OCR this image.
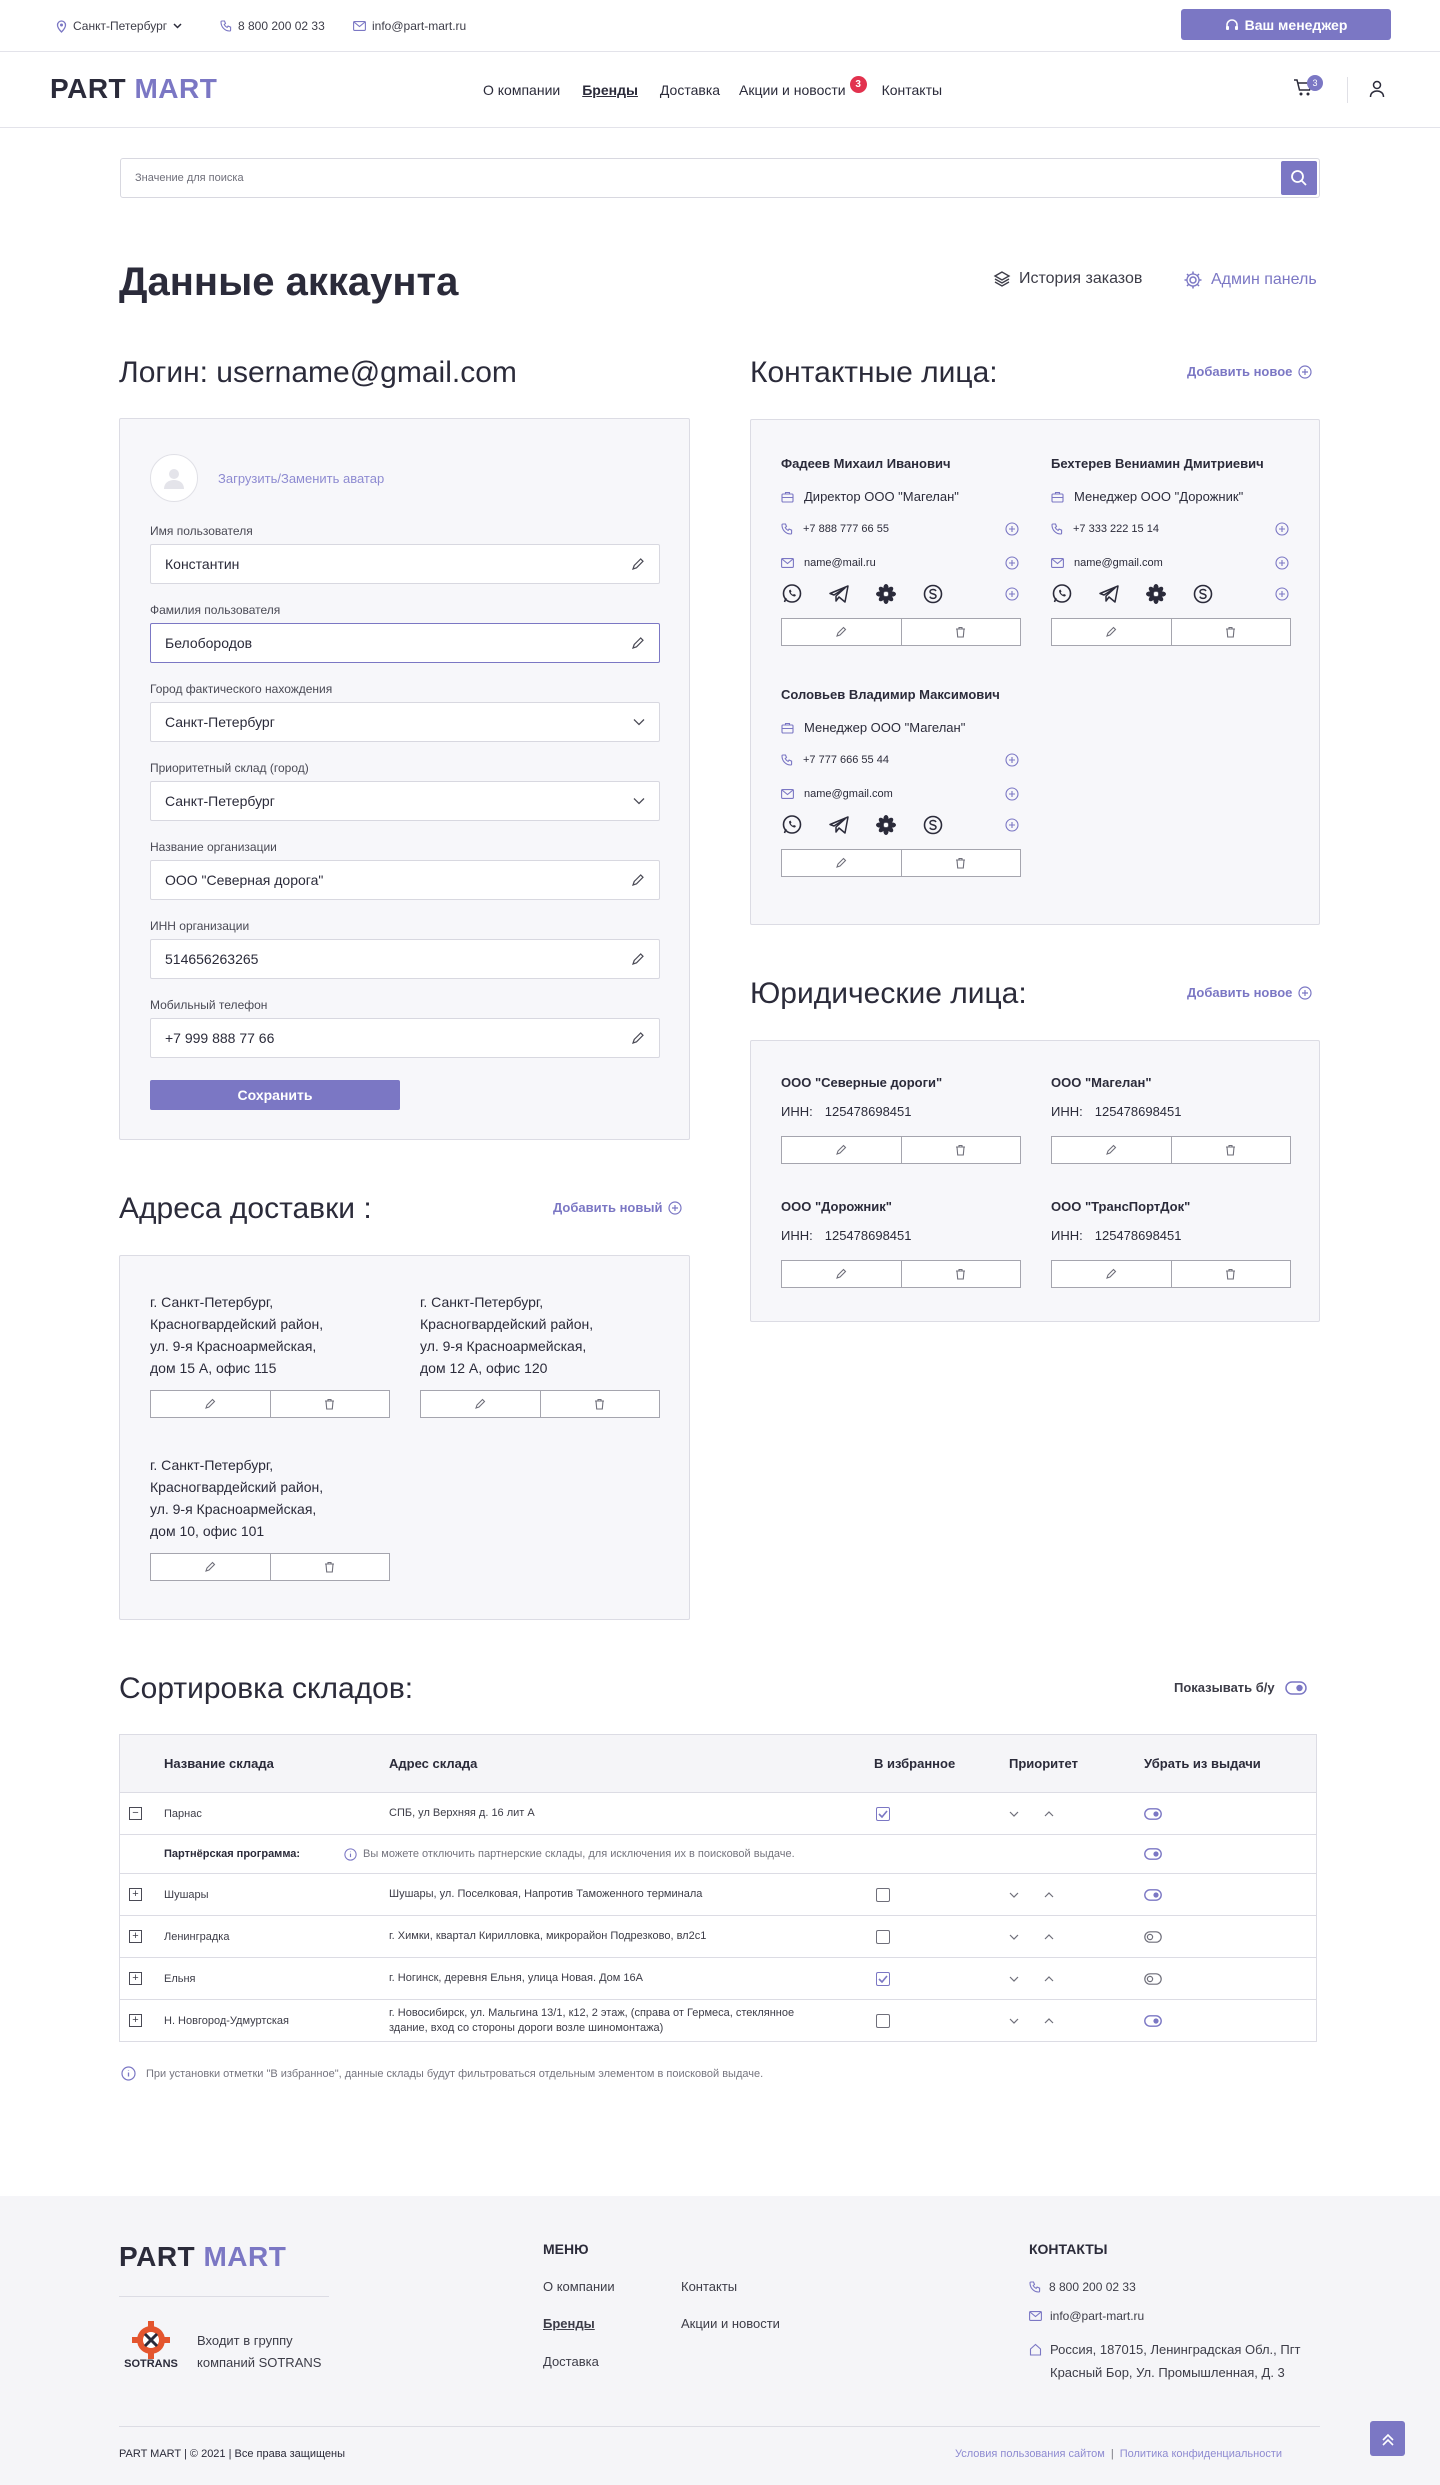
Санкт-Петербург	8 800 200 02 33	info@part-mart.ru	Ваш менеджер
PART MART	О компании Бренды Доставка Акции и новости 3	Контакты	3
Значение для поиска
Данные аккаунта	История заказов	Админ панель
Логин: username@gmail.com
Загрузить/Заменить аватар
Имя пользователя
Константин
Фамилия пользователя
Белобородов
Город фактического нахождения
Санкт-Петербург
Приоритетный склад (город)
Санкт-Петербург
Название организации
ООО "Северная дорога"
ИНН организации
514656263265
Мобильный телефон
+7 999 888 77 66
Сохранить
Контактные лица:	Добавить новое
Фадеев Михаил Иванович
Директор ООО "Магелан"
+7 888 777 66 55
name@mail.ru
Бехтерев Вениамин Дмитриевич
Менеджер ООО "Дорожник"
+7 333 222 15 14
name@gmail.com
Соловьев Владимир Максимович
Менеджер ООО "Магелан"
+7 777 666 55 44
name@gmail.com
Юридические лица:	Добавить новое
ООО "Северные дороги"
ИНН: 125478698451
ООО "Магелан"
ИНН: 125478698451
ООО "Дорожник"
ИНН: 125478698451
ООО "ТрансПортДок"
ИНН: 125478698451
Адреса доставки :	Добавить новый
г. Санкт-Петербург,
Красногвардейский район,
ул. 9-я Красноармейская,
дом 15 А, офис 115
г. Санкт-Петербург,
Красногвардейский район,
ул. 9-я Красноармейская,
дом 12 А, офис 120
г. Санкт-Петербург,
Красногвардейский район,
ул. 9-я Красноармейская,
дом 10, офис 101
Сортировка складов:	Показывать б/у
Название склада	Адрес склада	В избранное	Приоритет	Убрать из выдачи
− Парнас	СПБ, ул Верхняя д. 16 лит А
Партнёрская программа:	Вы можете отключить партнерские склады, для исключения их в поисковой выдаче.
+ Шушары	Шушары, ул. Поселковая, Напротив Таможенного терминала
+ Ленинградка	г. Химки, квартал Кирилловка, микрорайон Подрезково, вл2с1
+ Ельня	г. Ногинск, деревня Ельня, улица Новая. Дом 16А
+ Н. Новгород-Удмуртская
г. Новосибирск, ул. Мальгина 13/1, к12, 2 этаж, (справа от Гермеса, стеклянное
здание, вход со стороны дороги возле шиномонтажа)
При установки отметки "В избранное", данные склады будут фильтроваться отдельным элементом в поисковой выдаче.
PART MART
SOTRANS
Входит в группу
компаний SOTRANS
МЕНЮ
О компании
Бренды
Доставка
Контакты
Акции и новости
КОНТАКТЫ
8 800 200 02 33
info@part-mart.ru
Россия, 187015, Ленинградская Обл., Пгт
Красный Бор, Ул. Промышленная, Д. 3
PART MART | © 2021 | Все права защищены	Условия пользования сайтом | Политика конфиденциальности
